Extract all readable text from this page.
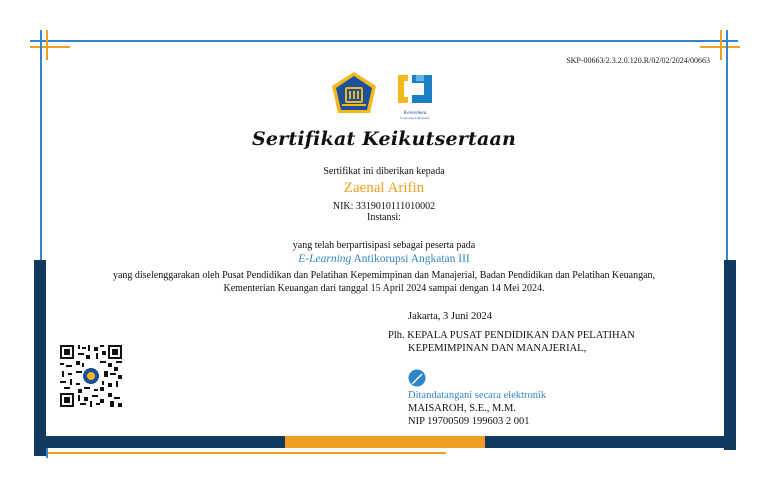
SKP-00663/2.3.2.0.120.R/02/02/2024/00663
Kemenkeu
Corporate University
Sertifikat Keikutsertaan
Sertifikat ini diberikan kepada
Zaenal Arifin
NIK: 3319010111010002
Instansi:
yang telah berpartisipasi sebagai peserta pada
E-Learning Antikorupsi Angkatan III
yang diselenggarakan oleh Pusat Pendidikan dan Pelatihan Kepemimpinan dan Manajerial, Badan Pendidikan dan Pelatihan Keuangan,
Kementerian Keuangan dari tanggal 15 April 2024 sampai dengan 14 Mei 2024.
Jakarta, 3 Juni 2024
Plh. KEPALA PUSAT PENDIDIKAN DAN PELATIHAN
KEPEMIMPINAN DAN MANAJERIAL,
Ditandatangani secara elektronik
MAISAROH, S.E., M.M.
NIP 19700509 199603 2 001
